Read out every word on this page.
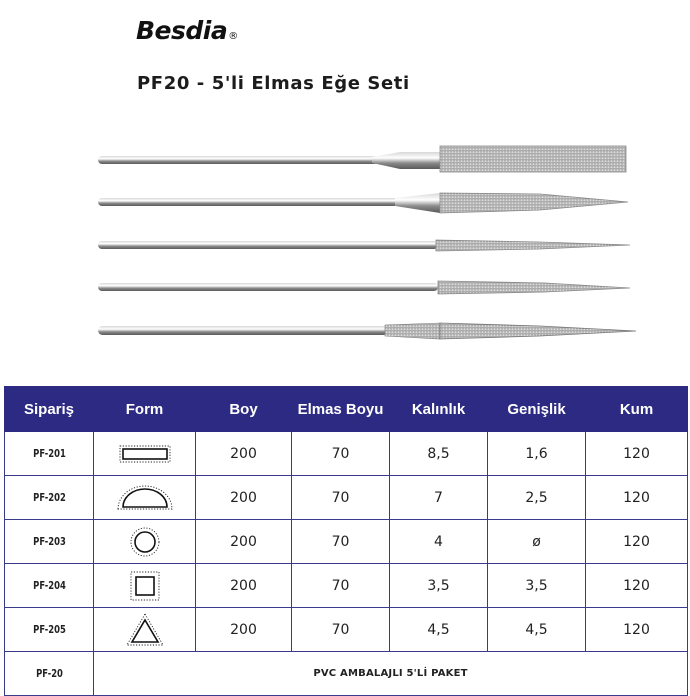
Besdia®
PF20 - 5'li Elmas Eğe Seti
Sipariş	Form	Boy	Elmas Boyu	Kalınlık	Genişlik	Kum
PF-201		200	70	8,5	1,6	120
PF-202		200	70	7	2,5	120
PF-203		200	70	4	ø	120
PF-204		200	70	3,5	3,5	120
PF-205		200	70	4,5	4,5	120
PF-20	PVC AMBALAJLI 5'Lİ PAKET					
